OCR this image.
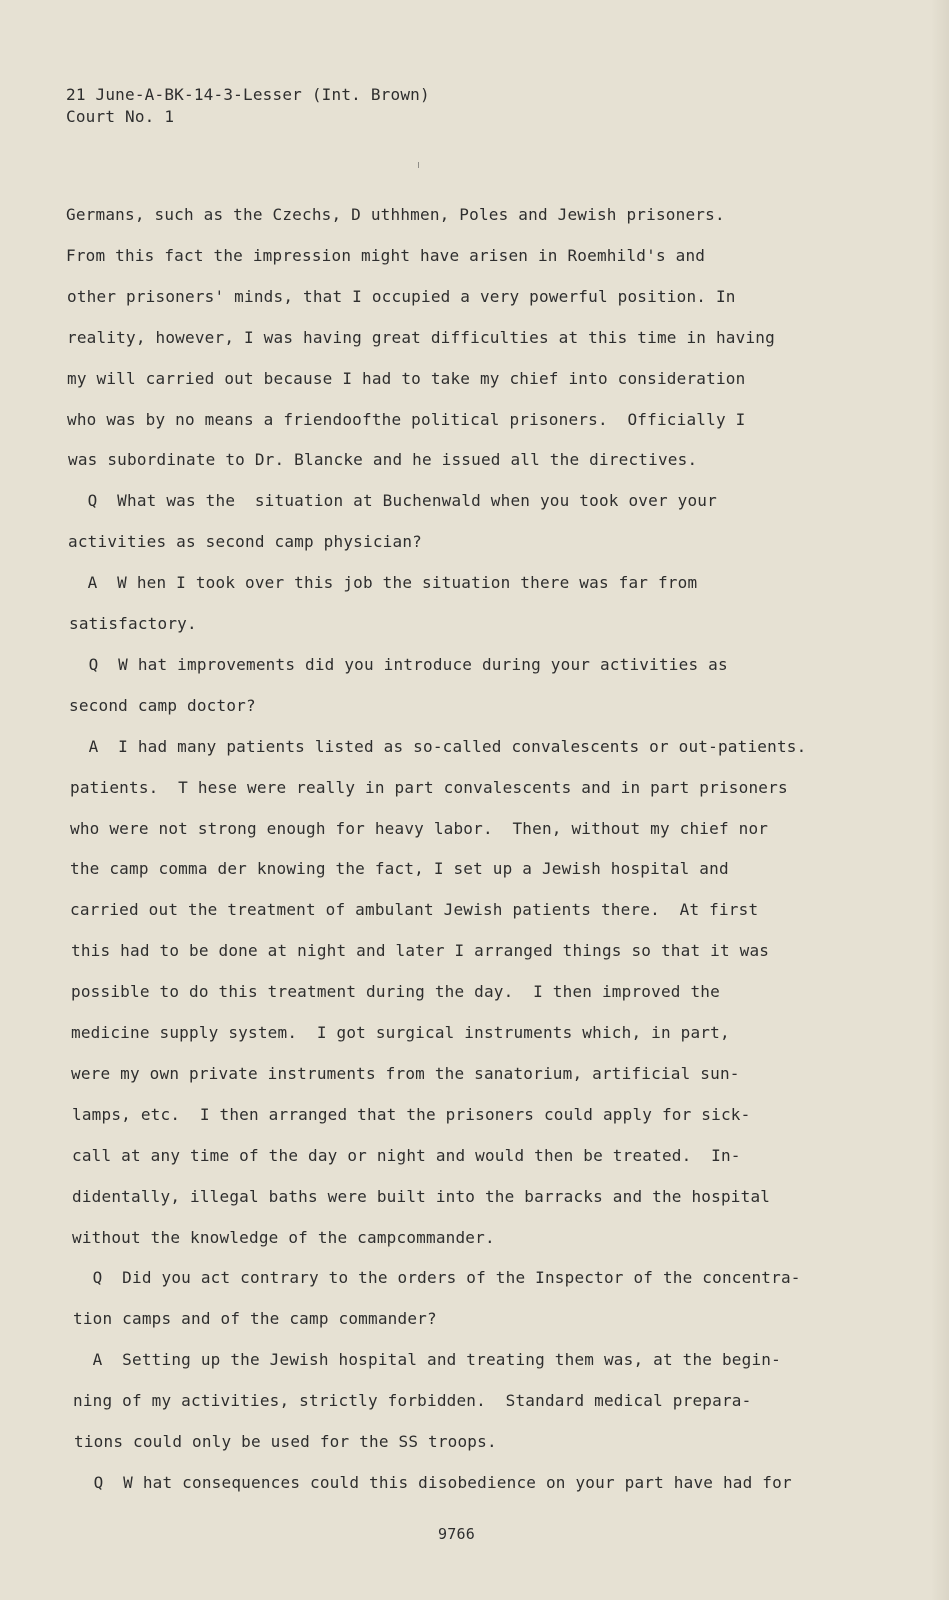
21 June-A-BK-14-3-Lesser (Int. Brown)
Court No. 1
Germans, such as the Czechs, D uthhmen, Poles and Jewish prisoners.
From this fact the impression might have arisen in Roemhild's and
other prisoners' minds, that I occupied a very powerful position. In
reality, however, I was having great difficulties at this time in having
my will carried out because I had to take my chief into consideration
who was by no means a friendoofthe political prisoners.  Officially I
was subordinate to Dr. Blancke and he issued all the directives.
Q  What was the  situation at Buchenwald when you took over your
activities as second camp physician?
A  W hen I took over this job the situation there was far from
satisfactory.
Q  W hat improvements did you introduce during your activities as
second camp doctor?
A  I had many patients listed as so-called convalescents or out-patients.
patients.  T hese were really in part convalescents and in part prisoners
who were not strong enough for heavy labor.  Then, without my chief nor
the camp comma der knowing the fact, I set up a Jewish hospital and
carried out the treatment of ambulant Jewish patients there.  At first
this had to be done at night and later I arranged things so that it was
possible to do this treatment during the day.  I then improved the
medicine supply system.  I got surgical instruments which, in part,
were my own private instruments from the sanatorium, artificial sun-
lamps, etc.  I then arranged that the prisoners could apply for sick-
call at any time of the day or night and would then be treated.  In-
didentally, illegal baths were built into the barracks and the hospital
without the knowledge of the campcommander.
Q  Did you act contrary to the orders of the Inspector of the concentra-
tion camps and of the camp commander?
A  Setting up the Jewish hospital and treating them was, at the begin-
ning of my activities, strictly forbidden.  Standard medical prepara-
tions could only be used for the SS troops.
Q  W hat consequences could this disobedience on your part have had for
9766
